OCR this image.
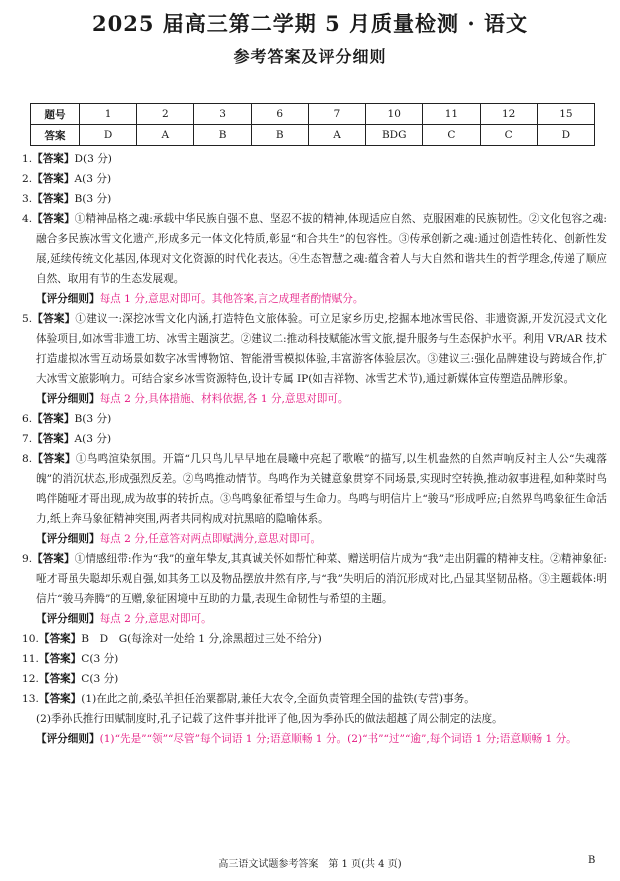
2025 届高三第二学期 5 月质量检测 · 语文
参考答案及评分细则
题号	1	2	3	6	7	10	11	12	15
答案	D	A	B	B	A	BDG	C	C	D

1.【答案】D(3 分)

2.【答案】A(3 分)

3.【答案】B(3 分)

4.【答案】①精神品格之魂:承载中华民族自强不息、坚忍不拔的精神,体现适应自然、克服困难的民族韧性。②文化包容之魂:融合多民族冰雪文化遗产,形成多元一体文化特质,彰显“和合共生”的包容性。③传承创新之魂:通过创造性转化、创新性发展,延续传统文化基因,体现对文化资源的时代化表达。④生态智慧之魂:蕴含着人与大自然和谐共生的哲学理念,传递了顺应自然、取用有节的生态发展观。

【评分细则】每点 1 分,意思对即可。其他答案,言之成理者酌情赋分。

5.【答案】①建议一:深挖冰雪文化内涵,打造特色文旅体验。可立足家乡历史,挖掘本地冰雪民俗、非遗资源,开发沉浸式文化体验项目,如冰雪非遗工坊、冰雪主题演艺。②建议二:推动科技赋能冰雪文旅,提升服务与生态保护水平。利用 VR/AR 技术打造虚拟冰雪互动场景如数字冰雪博物馆、智能滑雪模拟体验,丰富游客体验层次。③建议三:强化品牌建设与跨域合作,扩大冰雪文旅影响力。可结合家乡冰雪资源特色,设计专属 IP(如吉祥物、冰雪艺术节),通过新媒体宣传塑造品牌形象。

【评分细则】每点 2 分,具体措施、材料依据,各 1 分,意思对即可。

6.【答案】B(3 分)

7.【答案】A(3 分)

8.【答案】①鸟鸣渲染氛围。开篇“几只鸟儿早早地在晨曦中亮起了歌喉”的描写,以生机盎然的自然声响反衬主人公“失魂落魄”的消沉状态,形成强烈反差。②鸟鸣推动情节。鸟鸣作为关键意象贯穿不同场景,实现时空转换,推动叙事进程,如种菜时鸟鸣伴随哑才哥出现,成为故事的转折点。③鸟鸣象征希望与生命力。鸟鸣与明信片上“骏马”形成呼应;自然界鸟鸣象征生命活力,纸上奔马象征精神突围,两者共同构成对抗黑暗的隐喻体系。

【评分细则】每点 2 分,任意答对两点即赋满分,意思对即可。

9.【答案】①情感纽带:作为“我”的童年挚友,其真诚关怀如帮忙种菜、赠送明信片成为“我”走出阴霾的精神支柱。②精神象征:哑才哥虽失聪却乐观自强,如其务工以及物品摆放井然有序,与“我”失明后的消沉形成对比,凸显其坚韧品格。③主题载体:明信片“骏马奔腾”的互赠,象征困境中互助的力量,表现生命韧性与希望的主题。

【评分细则】每点 2 分,意思对即可。

10.【答案】B　D　G(每涂对一处给 1 分,涂黑超过三处不给分)

11.【答案】C(3 分)

12.【答案】C(3 分)

13.【答案】(1)在此之前,桑弘羊担任治粟都尉,兼任大农令,全面负责管理全国的盐铁(专营)事务。

(2)季孙氏推行田赋制度时,孔子记载了这件事并批评了他,因为季孙氏的做法超越了周公制定的法度。

【评分细则】(1)“先是”“领”“尽管”每个词语 1 分;语意顺畅 1 分。(2)“书”“过”“逾”,每个词语 1 分;语意顺畅 1 分。

高三语文试题参考答案　第 1 页(共 4 页)	B
